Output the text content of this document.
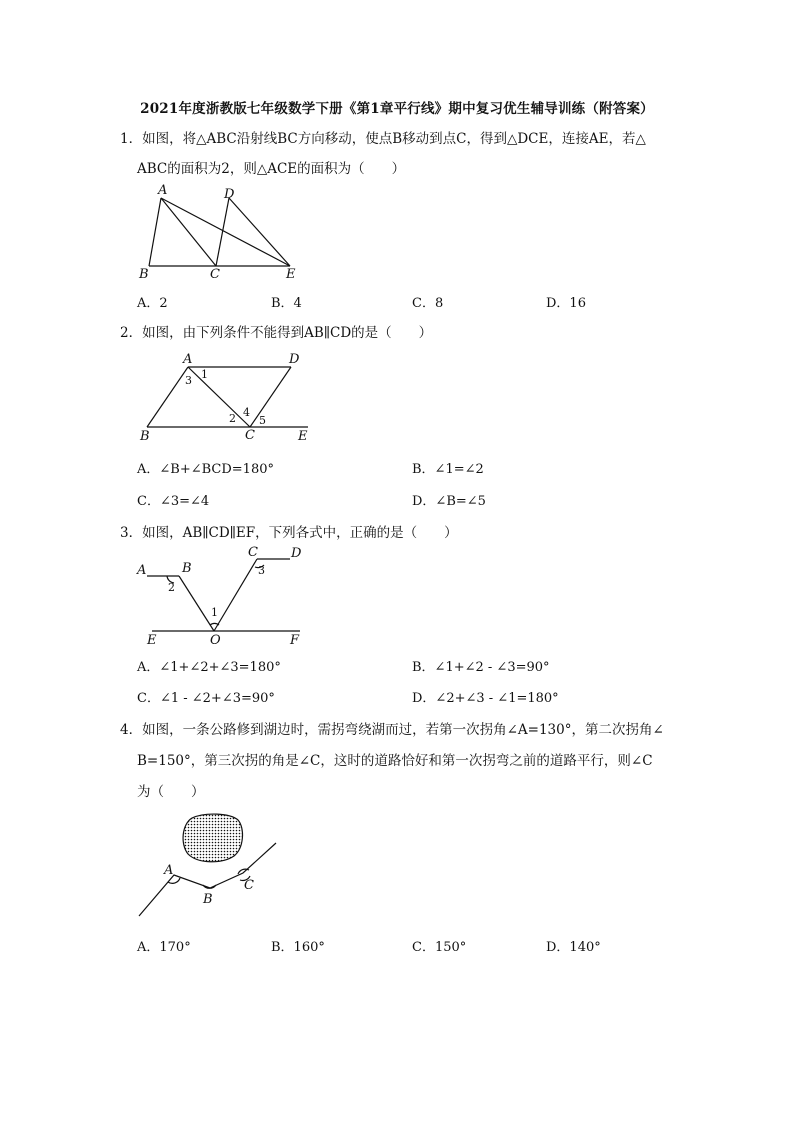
2021年度浙教版七年级数学下册《第1章平行线》期中复习优生辅导训练（附答案）
1．如图，将△ABC沿射线BC方向移动，使点B移动到点C，得到△DCE，连接AE，若△
ABC的面积为2，则△ACE的面积为（　　）
A	D
B	C	E
A．2	B．4	C．8	D．16
2．如图，由下列条件不能得到AB∥CD的是（　　）
A	D
1
3
2 4
5
B	C	E
A．∠B+∠BCD=180°	B．∠1=∠2
C．∠3=∠4	D．∠B=∠5
3．如图，AB∥CD∥EF，下列各式中，正确的是（　　）
A	B
2
C	D
3
1
E	O	F
A．∠1+∠2+∠3=180°	B．∠1+∠2 - ∠3=90°
C．∠1 - ∠2+∠3=90°	D．∠2+∠3 - ∠1=180°
4．如图，一条公路修到湖边时，需拐弯绕湖而过，若第一次拐角∠A=130°，第二次拐角∠
B=150°，第三次拐的角是∠C，这时的道路恰好和第一次拐弯之前的道路平行，则∠C
为（　　）
A
B
C
A．170°	B．160°	C．150°	D．140°
